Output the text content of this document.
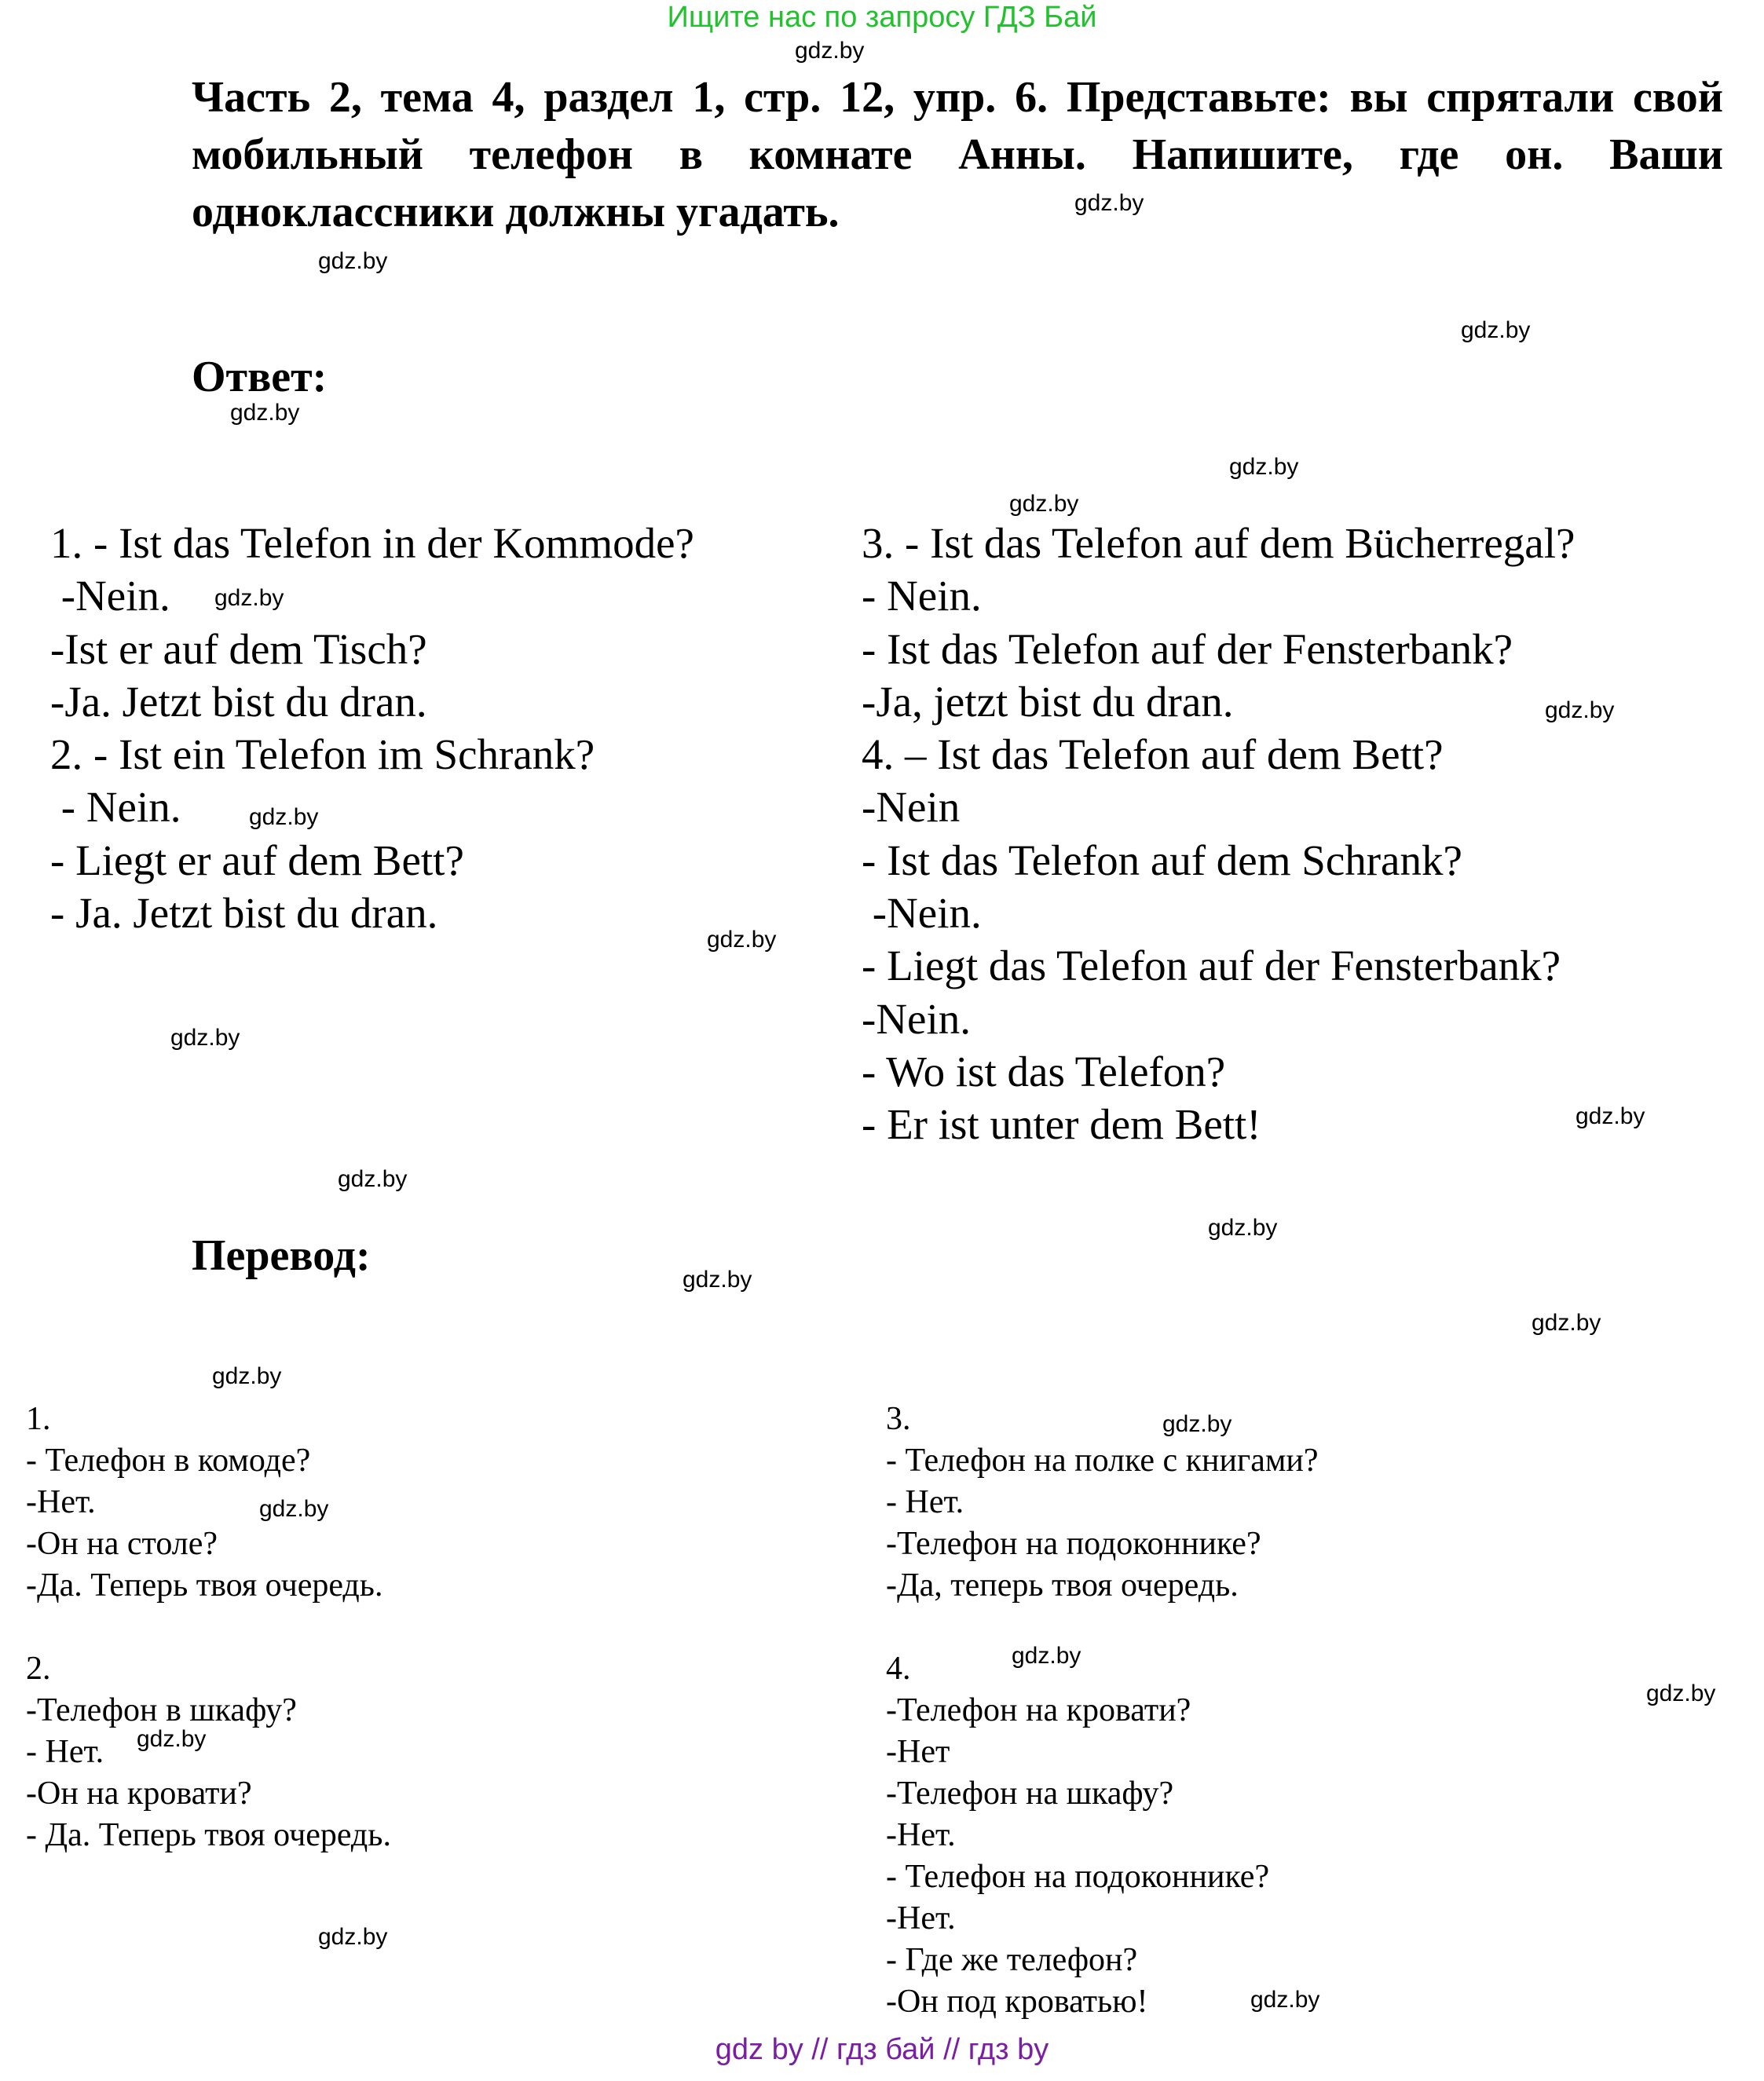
Ищите нас по запросу ГДЗ Бай
Часть 2, тема 4, раздел 1, стр. 12, упр. 6. Представьте: вы спрятали свой
мобильный телефон в комнате Анны. Напишите, где он. Ваши
одноклассники должны угадать.
Ответ:
1. - Ist das Telefon in der Kommode?
-Nein.
-Ist er auf dem Tisch?
-Ja. Jetzt bist du dran.
2. - Ist ein Telefon im Schrank?
- Nein.
- Liegt er auf dem Bett?
- Ja. Jetzt bist du dran.
3. - Ist das Telefon auf dem Bücherregal?
- Nein.
- Ist das Telefon auf der Fensterbank?
-Ja, jetzt bist du dran.
4. – Ist das Telefon auf dem Bett?
-Nein
- Ist das Telefon auf dem Schrank?
-Nein.
- Liegt das Telefon auf der Fensterbank?
-Nein.
- Wo ist das Telefon?
- Er ist unter dem Bett!
Перевод:
1.
- Телефон в комоде?
-Нет.
-Он на столе?
-Да. Теперь твоя очередь.
2.
-Телефон в шкафу?
- Нет.
-Он на кровати?
- Да. Теперь твоя очередь.
3.
- Телефон на полке с книгами?
- Нет.
-Телефон на подоконнике?
-Да, теперь твоя очередь.
4.
-Телефон на кровати?
-Нет
-Телефон на шкафу?
-Нет.
- Телефон на подоконнике?
-Нет.
- Где же телефон?
-Он под кроватью!
gdz.by
gdz.by
gdz.by
gdz.by
gdz.by
gdz.by
gdz.by
gdz.by
gdz.by
gdz.by
gdz.by
gdz.by
gdz.by
gdz.by
gdz.by
gdz.by
gdz.by
gdz.by
gdz.by
gdz.by
gdz.by
gdz.by
gdz.by
gdz.by
gdz.by
gdz by // гдз бай // гдз by
